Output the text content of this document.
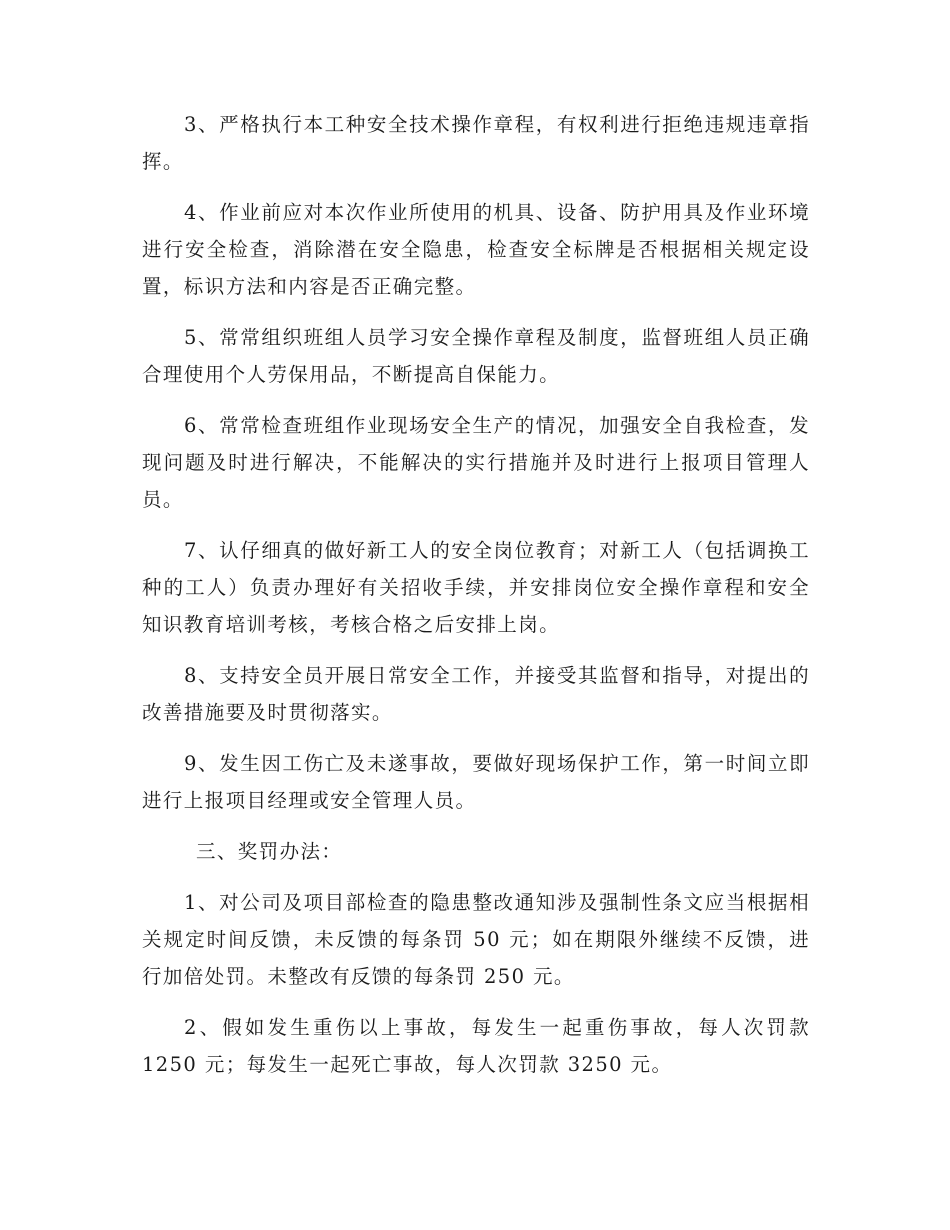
3、严格执行本工种安全技术操作章程，有权利进行拒绝违规违章指挥。

4、作业前应对本次作业所使用的机具、设备、防护用具及作业环境进行安全检查，消除潜在安全隐患，检查安全标牌是否根据相关规定设置，标识方法和内容是否正确完整。

5、常常组织班组人员学习安全操作章程及制度，监督班组人员正确合理使用个人劳保用品，不断提高自保能力。

6、常常检查班组作业现场安全生产的情况，加强安全自我检查，发现问题及时进行解决，不能解决的实行措施并及时进行上报项目管理人员。

7、认仔细真的做好新工人的安全岗位教育；对新工人（包括调换工种的工人）负责办理好有关招收手续，并安排岗位安全操作章程和安全知识教育培训考核，考核合格之后安排上岗。

8、支持安全员开展日常安全工作，并接受其监督和指导，对提出的改善措施要及时贯彻落实。

9、发生因工伤亡及未遂事故，要做好现场保护工作，第一时间立即进行上报项目经理或安全管理人员。

三、奖罚办法：

1、对公司及项目部检查的隐患整改通知涉及强制性条文应当根据相关规定时间反馈，未反馈的每条罚 50 元；如在期限外继续不反馈，进行加倍处罚。未整改有反馈的每条罚 250 元。

2、假如发生重伤以上事故，每发生一起重伤事故，每人次罚款 1250 元；每发生一起死亡事故，每人次罚款 3250 元。
